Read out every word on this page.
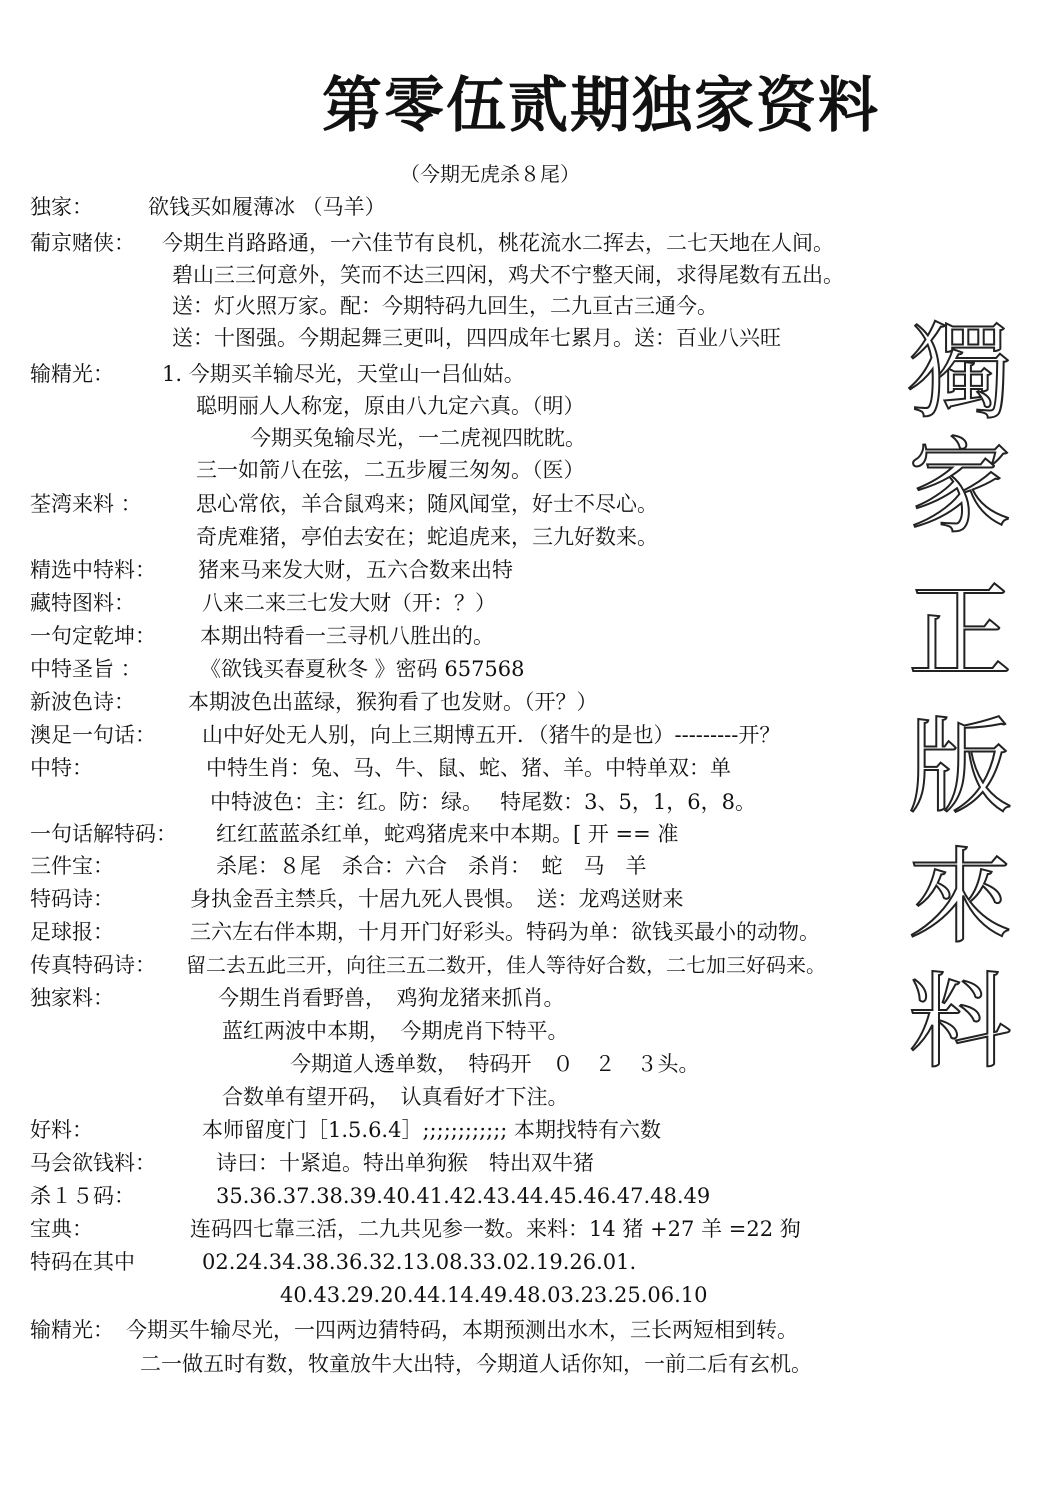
第零伍贰期独家资料
（今期无虎杀８尾）
獨
家
正
版
來
料
独家：	欲钱买如履薄冰 （马羊）
葡京赌侠： 今期生肖路路通，一六佳节有良机，桃花流水二挥去，二七天地在人间。
碧山三三何意外，笑而不达三四闲，鸡犬不宁整天闹，求得尾数有五出。
送：灯火照万家。配：今期特码九回生，二九亘古三通今。
送：十图强。今期起舞三更叫，四四成年七累月。送：百业八兴旺
输精光： 1. 今期买羊输尽光，天堂山一吕仙姑。
聪明丽人人称宠，原由八九定六真。（明）
今期买兔输尽光，一二虎视四眈眈。
三一如箭八在弦，二五步履三匆匆。（医）
荃湾来料 ：	思心常依，羊合鼠鸡来；随风闻堂，好士不尽心。
奇虎难猪，亭伯去安在；蛇追虎来，三九好数来。
精选中特料： 猪来马来发大财，五六合数来出特
藏特图料：	八来二来三七发大财（开：？）
一句定乾坤： 本期出特看一三寻机八胜出的。
中特圣旨 ：	《欲钱买春夏秋冬 》密码 657568
新波色诗：	本期波色出蓝绿，猴狗看了也发财。（开？）
澳足一句话： 山中好处无人别，向上三期博五开．（猪牛的是也）---------开？
中特：	中特生肖：兔、马、牛、鼠、蛇、猪、羊。中特单双：单
中特波色：主：红。防：绿。　 特尾数：3、5，1，6，8。
一句话解特码： 红红蓝蓝杀红单，蛇鸡猪虎来中本期。[ 开 == 准
三件宝：	杀尾：８尾　杀合：六合　杀肖：　蛇　马　羊
特码诗：	身执金吾主禁兵，十居九死人畏惧。　送：龙鸡送财来
足球报：	三六左右伴本期，十月开门好彩头。特码为单：欲钱买最小的动物。
传真特码诗： 留二去五此三开，向往三五二数开，佳人等待好合数，二七加三好码来。
独家料：	今期生肖看野兽，　鸡狗龙猪来抓肖。
蓝红两波中本期，　今期虎肖下特平。
今期道人透单数，　特码开　０　２　３头。
合数单有望开码，　认真看好才下注。
好料：	本师留度门［1.5.6.4］;;;;;;;;;;;; 本期找特有六数
马会欲钱料：	诗曰：十紧追。特出单狗猴　特出双牛猪
杀１５码：	35.36.37.38.39.40.41.42.43.44.45.46.47.48.49
宝典：	连码四七靠三活，二九共见参一数。来料：14 猪 +27 羊 =22 狗
特码在其中	02.24.34.38.36.32.13.08.33.02.19.26.01.
40.43.29.20.44.14.49.48.03.23.25.06.10
输精光： 今期买牛输尽光，一四两边猜特码，本期预测出水木，三长两短相到转。
二一做五时有数，牧童放牛大出特，今期道人话你知，一前二后有玄机。
